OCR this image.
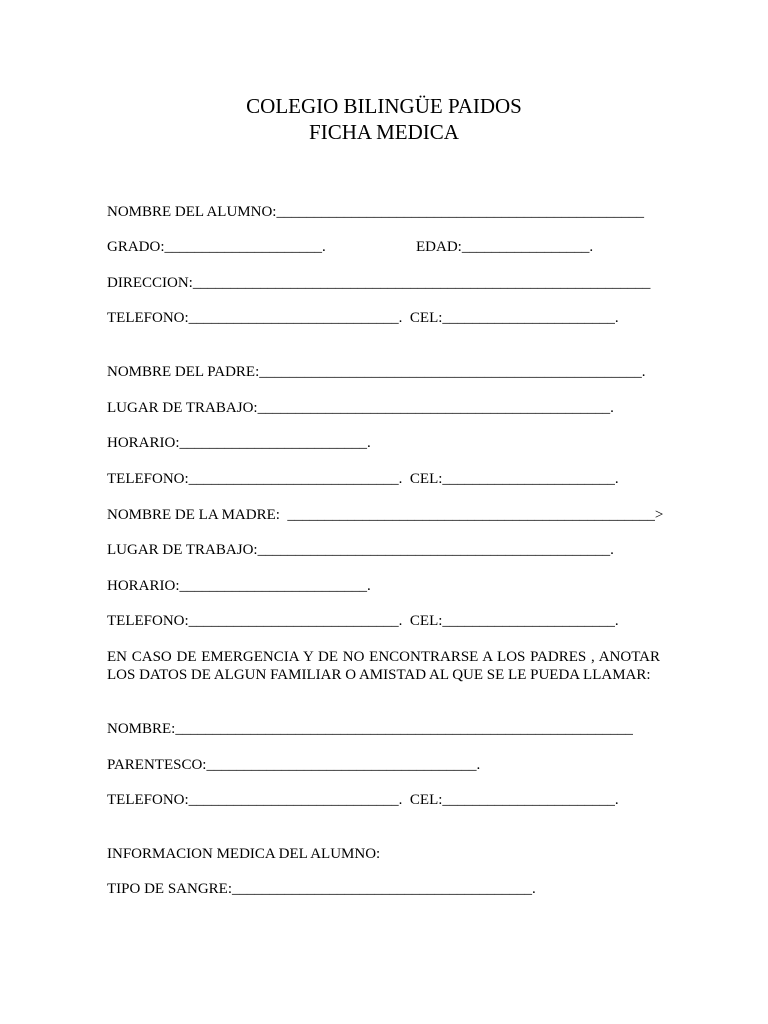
COLEGIO BILINGÜE PAIDOS
FICHA MEDICA
NOMBRE DEL ALUMNO:_________________________________________________
GRADO:_____________________.	EDAD:_________________.
DIRECCION:_____________________________________________________________
TELEFONO:____________________________.  CEL:_______________________.
NOMBRE DEL PADRE:___________________________________________________.
LUGAR DE TRABAJO:_______________________________________________.
HORARIO:_________________________.
TELEFONO:____________________________.  CEL:_______________________.
NOMBRE DE LA MADRE:  _________________________________________________>
LUGAR DE TRABAJO:_______________________________________________.
HORARIO:_________________________.
TELEFONO:____________________________.  CEL:_______________________.
EN CASO DE EMERGENCIA Y DE NO ENCONTRARSE A LOS PADRES , ANOTAR LOS DATOS DE ALGUN FAMILIAR O AMISTAD AL QUE SE LE PUEDA LLAMAR:
NOMBRE:_____________________________________________________________
PARENTESCO:____________________________________.
TELEFONO:____________________________.  CEL:_______________________.
INFORMACION MEDICA DEL ALUMNO:
TIPO DE SANGRE:________________________________________.
